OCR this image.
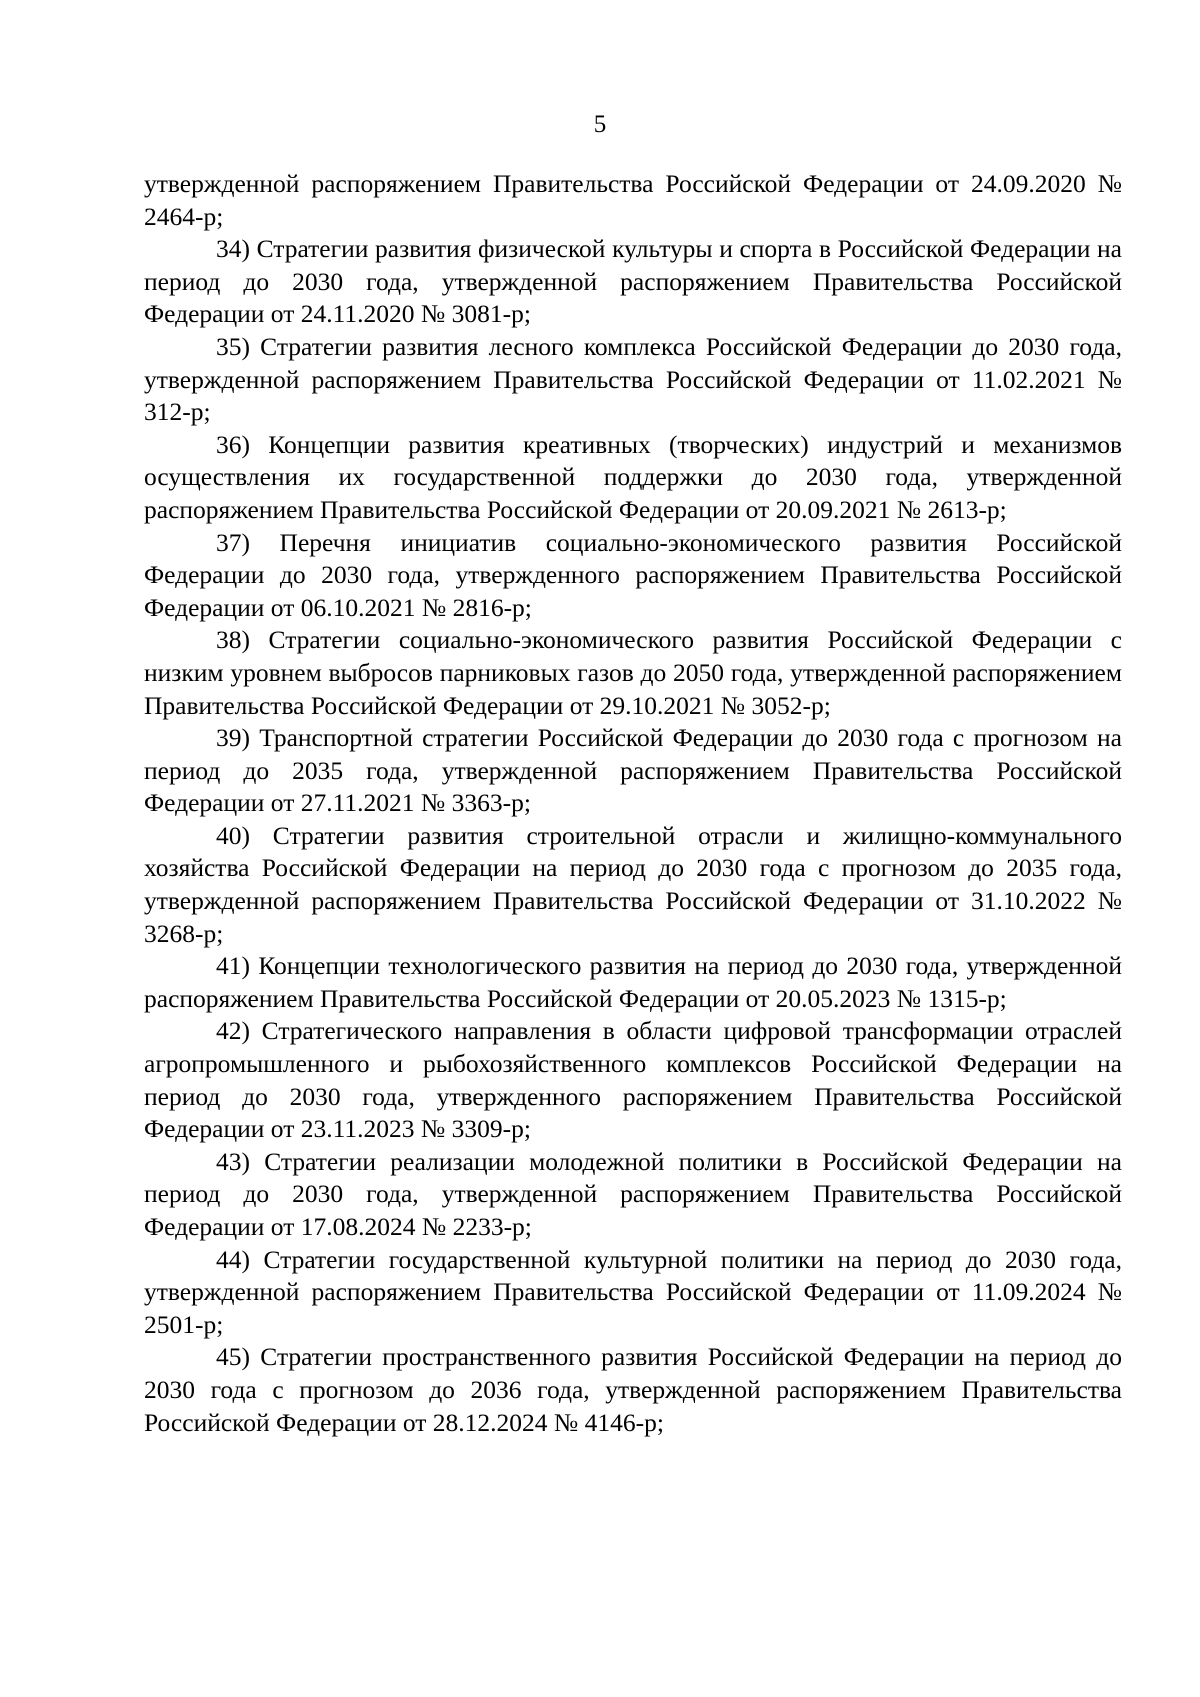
5

утвержденной распоряжением Правительства Российской Федерации от 24.09.2020 № 2464-р;

34) Стратегии развития физической культуры и спорта в Российской Федерации на период до 2030 года, утвержденной распоряжением Правительства Российской Федерации от 24.11.2020 № 3081-р;

35) Стратегии развития лесного комплекса Российской Федерации до 2030 года, утвержденной распоряжением Правительства Российской Федерации от 11.02.2021 № 312-р;

36) Концепции развития креативных (творческих) индустрий и механизмов осуществления их государственной поддержки до 2030 года, утвержденной распоряжением Правительства Российской Федерации от 20.09.2021 № 2613-р;

37) Перечня инициатив социально-экономического развития Российской Федерации до 2030 года, утвержденного распоряжением Правительства Российской Федерации от 06.10.2021 № 2816-р;

38) Стратегии социально-экономического развития Российской Федерации с низким уровнем выбросов парниковых газов до 2050 года, утвержденной распоряжением Правительства Российской Федерации от 29.10.2021 № 3052-р;

39) Транспортной стратегии Российской Федерации до 2030 года с прогнозом на период до 2035 года, утвержденной распоряжением Правительства Российской Федерации от 27.11.2021 № 3363-р;

40) Стратегии развития строительной отрасли и жилищно-коммунального хозяйства Российской Федерации на период до 2030 года с прогнозом до 2035 года, утвержденной распоряжением Правительства Российской Федерации от 31.10.2022 № 3268-р;

41) Концепции технологического развития на период до 2030 года, утвержденной распоряжением Правительства Российской Федерации от 20.05.2023 № 1315-р;

42) Стратегического направления в области цифровой трансформации отраслей агропромышленного и рыбохозяйственного комплексов Российской Федерации на период до 2030 года, утвержденного распоряжением Правительства Российской Федерации от 23.11.2023 № 3309-р;

43) Стратегии реализации молодежной политики в Российской Федерации на период до 2030 года, утвержденной распоряжением Правительства Российской Федерации от 17.08.2024 № 2233-р;

44) Стратегии государственной культурной политики на период до 2030 года, утвержденной распоряжением Правительства Российской Федерации от 11.09.2024 № 2501-р;

45) Стратегии пространственного развития Российской Федерации на период до 2030 года с прогнозом до 2036 года, утвержденной распоряжением Правительства Российской Федерации от 28.12.2024 № 4146-р;
